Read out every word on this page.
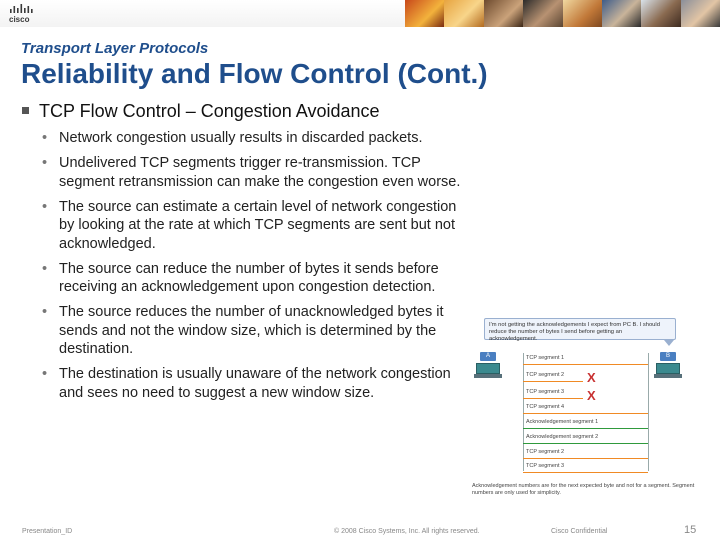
cisco
Transport Layer Protocols
Reliability and Flow Control (Cont.)
TCP Flow Control – Congestion Avoidance
• Network congestion usually results in discarded packets.
• Undelivered TCP segments trigger re-transmission. TCP segment retransmission can make the congestion even worse.
• The source can estimate a certain level of network congestion by looking at the rate at which TCP segments are sent but not acknowledged.
• The source can reduce the number of bytes it sends before receiving an acknowledgement upon congestion detection.
• The source reduces the number of unacknowledged bytes it sends and not the window size, which is determined by the destination.
• The destination is usually unaware of the network congestion and sees no need to suggest a new window size.
I'm not getting the acknowledgements I expect from PC B. I should reduce the number of bytes I send before getting an acknowledgement.
A	B
TCP segment 1
TCP segment 2
TCP segment 3
TCP segment 4
Acknowledgement segment 1
Acknowledgement segment 2
TCP segment 2
TCP segment 3
X
X
Acknowledgement numbers are for the next expected byte and not for a segment. Segment numbers are only used for simplicity.
Presentation_ID	© 2008 Cisco Systems, Inc. All rights reserved.	Cisco Confidential	15
